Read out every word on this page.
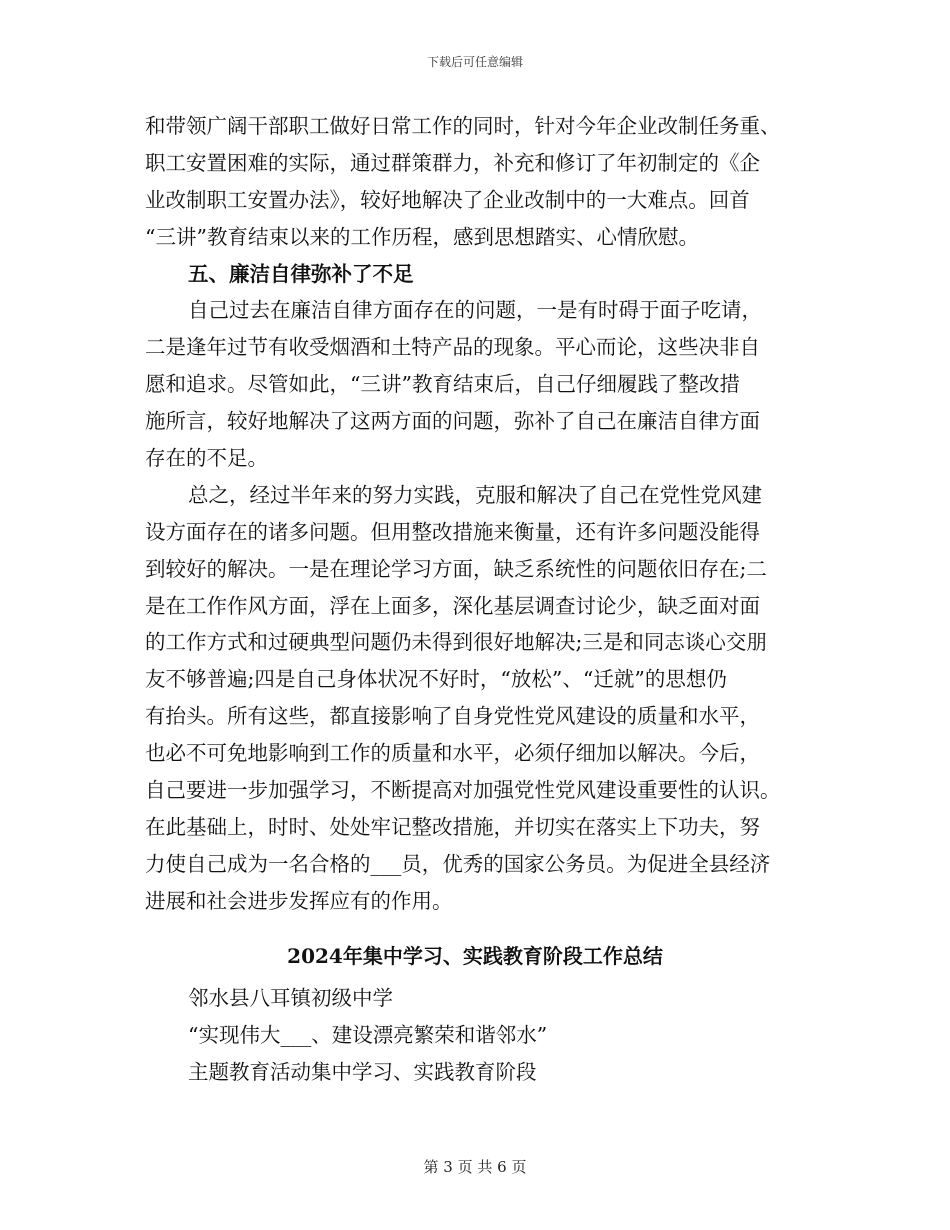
下载后可任意编辑
和带领广阔干部职工做好日常工作的同时，针对今年企业改制任务重、
职工安置困难的实际，通过群策群力，补充和修订了年初制定的《企
业改制职工安置办法》，较好地解决了企业改制中的一大难点。回首
“三讲”教育结束以来的工作历程，感到思想踏实、心情欣慰。
五、廉洁自律弥补了不足
自己过去在廉洁自律方面存在的问题，一是有时碍于面子吃请，
二是逢年过节有收受烟酒和土特产品的现象。平心而论，这些决非自
愿和追求。尽管如此，“三讲”教育结束后，自己仔细履践了整改措
施所言，较好地解决了这两方面的问题，弥补了自己在廉洁自律方面
存在的不足。
总之，经过半年来的努力实践，克服和解决了自己在党性党风建
设方面存在的诸多问题。但用整改措施来衡量，还有许多问题没能得
到较好的解决。一是在理论学习方面，缺乏系统性的问题依旧存在;二
是在工作作风方面，浮在上面多，深化基层调查讨论少，缺乏面对面
的工作方式和过硬典型问题仍未得到很好地解决;三是和同志谈心交朋
友不够普遍;四是自己身体状况不好时，“放松”、“迁就”的思想仍
有抬头。所有这些，都直接影响了自身党性党风建设的质量和水平，
也必不可免地影响到工作的质量和水平，必须仔细加以解决。今后，
自己要进一步加强学习，不断提高对加强党性党风建设重要性的认识。
在此基础上，时时、处处牢记整改措施，并切实在落实上下功夫，努
力使自己成为一名合格的___员，优秀的国家公务员。为促进全县经济
进展和社会进步发挥应有的作用。
2024年集中学习、实践教育阶段工作总结
邻水县八耳镇初级中学
“实现伟大___、建设漂亮繁荣和谐邻水”
主题教育活动集中学习、实践教育阶段
第 3 页 共 6 页
